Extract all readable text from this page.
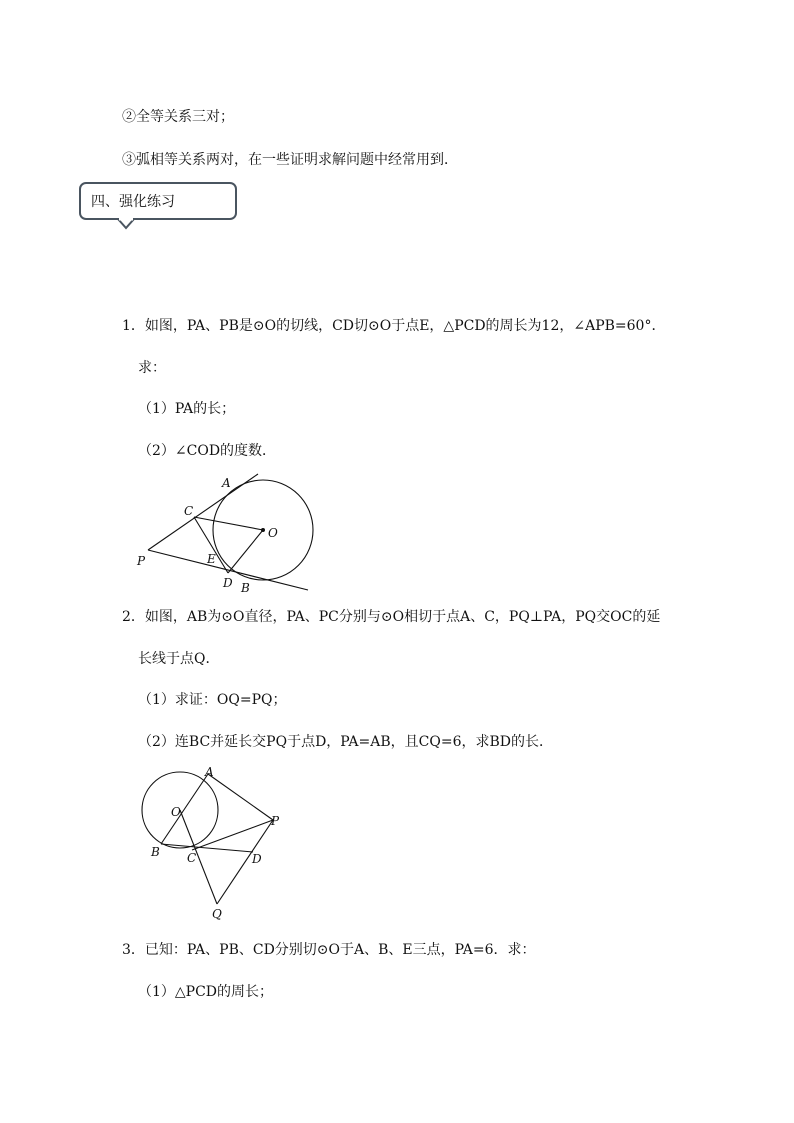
②全等关系三对；
③弧相等关系两对，在一些证明求解问题中经常用到．
四、强化练习
1．如图，PA、PB是⊙O的切线，CD切⊙O于点E，△PCD的周长为12，∠APB=60°．
求：
（1）PA的长；
（2）∠COD的度数．
A
C
O
P	E
D B
2．如图，AB为⊙O直径，PA、PC分别与⊙O相切于点A、C，PQ⊥PA，PQ交OC的延
长线于点Q．
（1）求证：OQ=PQ；
（2）连BC并延长交PQ于点D，PA=AB，且CQ=6，求BD的长．
A
O
P
B C	D
Q
3．已知：PA、PB、CD分别切⊙O于A、B、E三点，PA=6．求：
（1）△PCD的周长；
